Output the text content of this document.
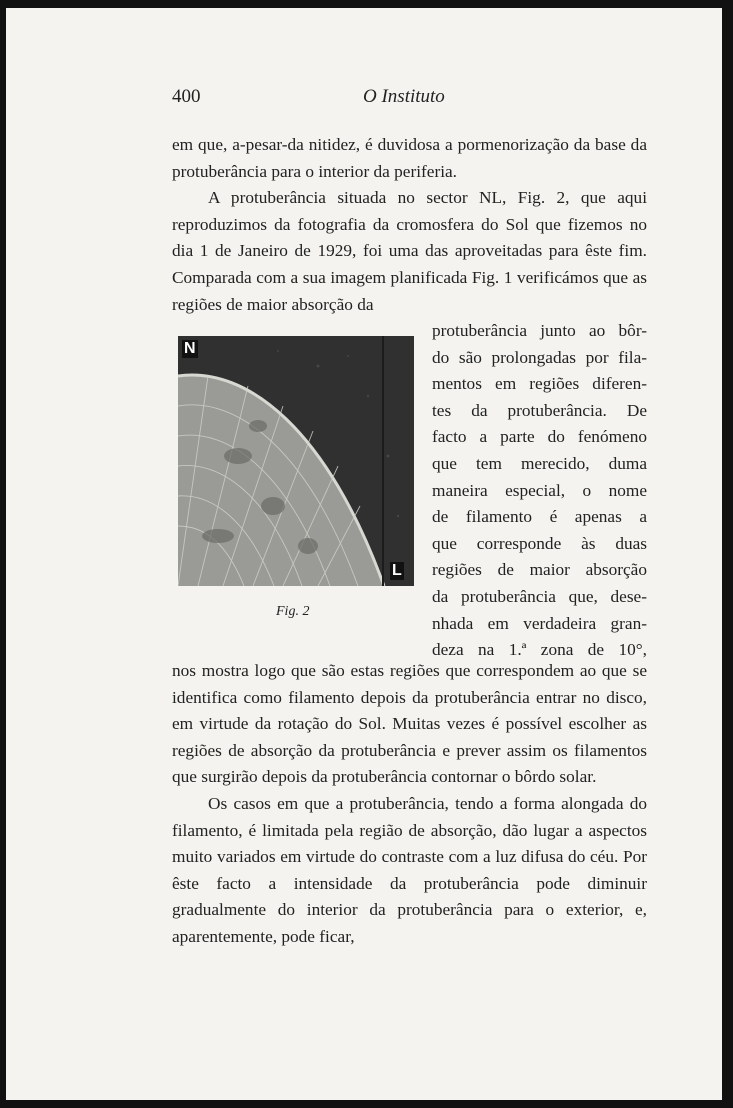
400	O Instituto

em que, a-pesar-da nitidez, é duvidosa a pormenorização da base da protuberância para o interior da periferia.

A protuberância situada no sector NL, Fig. 2, que aqui reproduzimos da fotografia da cromosfera do Sol que fizemos no dia 1 de Janeiro de 1929, foi uma das aproveitadas para êste fim. Comparada com a sua imagem planificada Fig. 1 verificámos que as regiões de maior absorção da

N
L
Fig. 2
protuberância junto ao bôr-
do são prolongadas por fila-
mentos em regiões diferen-
tes da protuberância. De
facto a parte do fenómeno
que tem merecido, duma
maneira especial, o nome
de filamento é apenas a
que corresponde às duas
regiões de maior absorção
da protuberância que, dese-
nhada em verdadeira gran-
deza na 1.ª zona de 10°,

nos mostra logo que são estas regiões que correspondem ao que se identifica como filamento depois da protuberância entrar no disco, em virtude da rotação do Sol. Muitas vezes é possível escolher as regiões de absorção da protuberância e prever assim os filamentos que surgirão depois da protuberância contornar o bôrdo solar.

Os casos em que a protuberância, tendo a forma alongada do filamento, é limitada pela região de absorção, dão lugar a aspectos muito variados em virtude do contraste com a luz difusa do céu. Por êste facto a intensidade da protuberância pode diminuir gradualmente do interior da protuberância para o exterior, e, aparentemente, pode ficar,
